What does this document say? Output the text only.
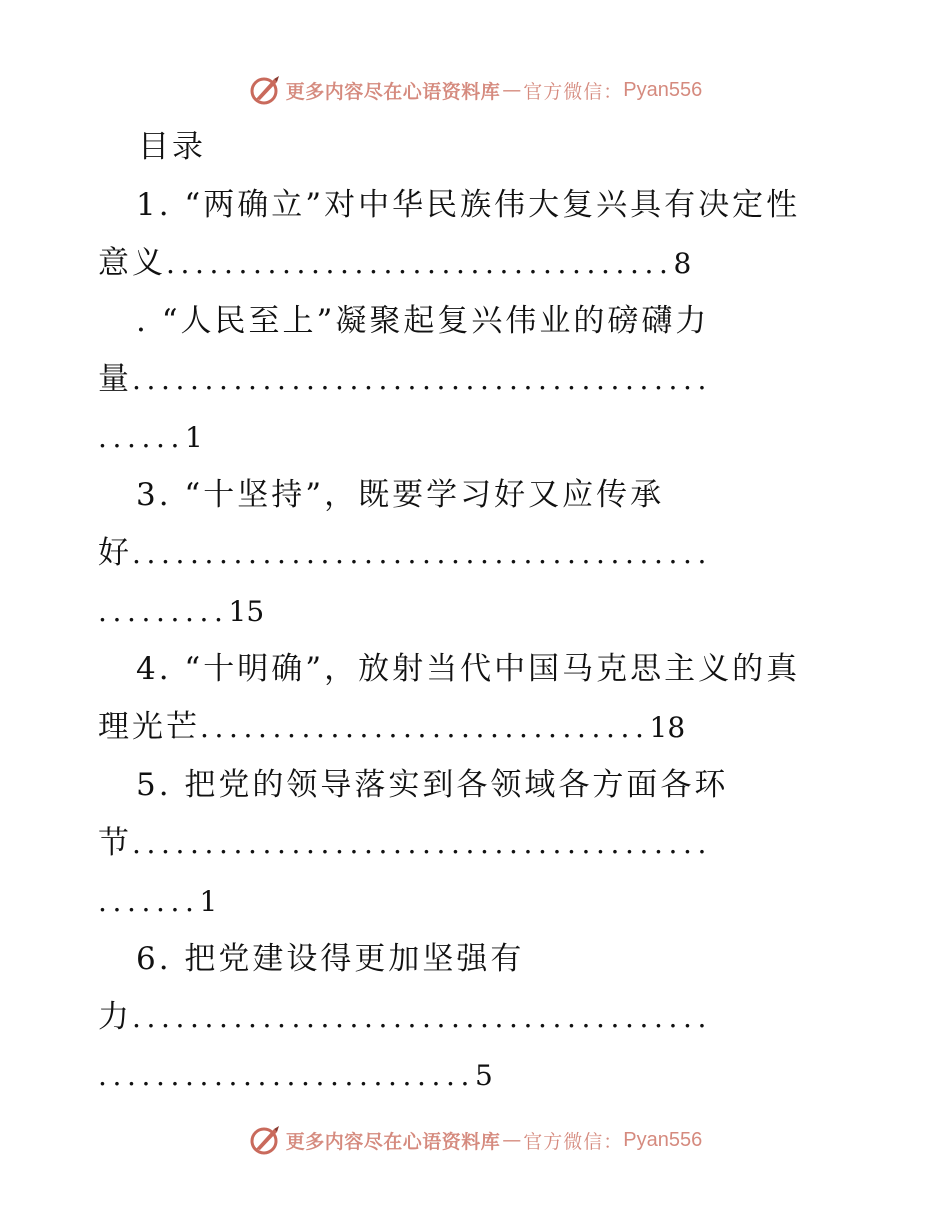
更多内容尽在心语资料库 — 官方微信： Pyan556
目录
1. “两确立”对中华民族伟大复兴具有决定性
意义...................................8
. “人民至上”凝聚起复兴伟业的磅礴力
量........................................
......1
3. “十坚持”，既要学习好又应传承
好........................................
.........15
4. “十明确”，放射当代中国马克思主义的真
理光芒...............................18
5. 把党的领导落实到各领域各方面各环
节........................................
.......1
6. 把党建设得更加坚强有
力........................................
..........................5
更多内容尽在心语资料库 — 官方微信： Pyan556
